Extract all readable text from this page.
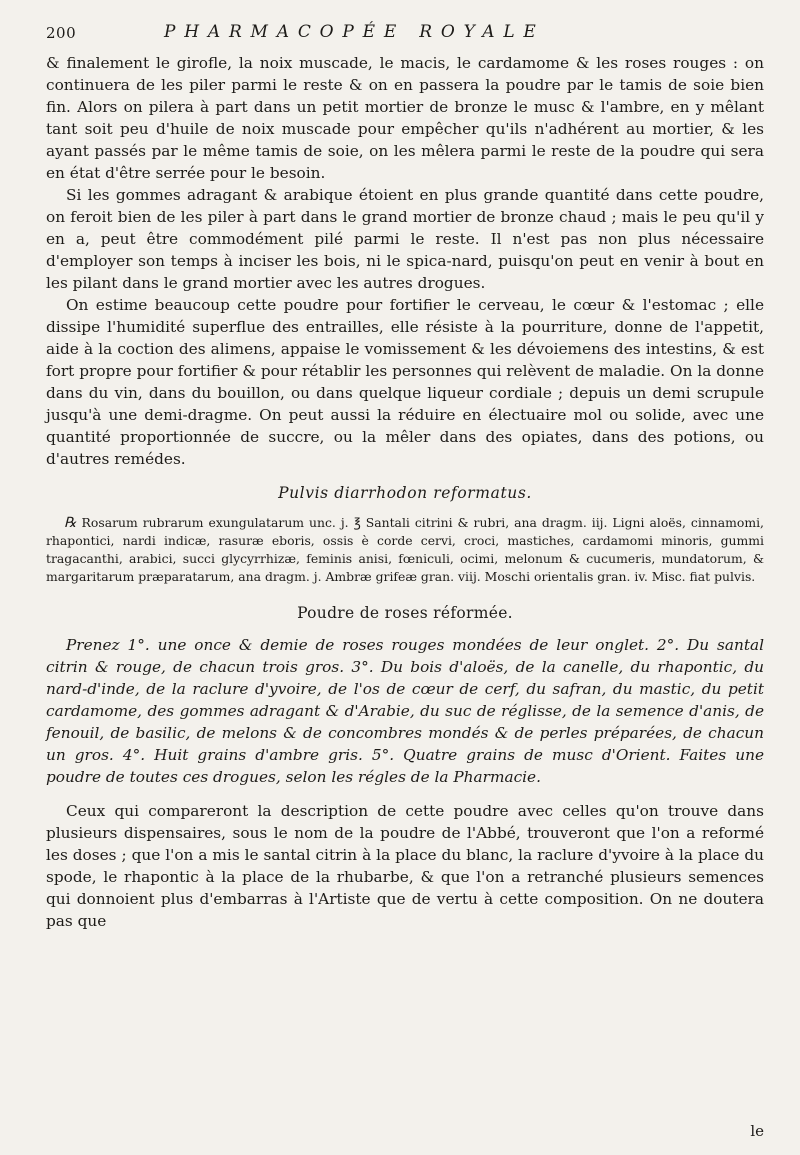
200	PHARMACOPÉE ROYALE

& finalement le girofle, la noix muscade, le macis, le cardamome & les roses rouges : on continuera de les piler parmi le reste & on en passera la poudre par le tamis de soie bien fin. Alors on pilera à part dans un petit mortier de bronze le musc & l'ambre, en y mêlant tant soit peu d'huile de noix muscade pour empêcher qu'ils n'adhérent au mortier, & les ayant passés par le même tamis de soie, on les mêlera parmi le reste de la poudre qui sera en état d'être serrée pour le besoin.

Si les gommes adragant & arabique étoient en plus grande quantité dans cette poudre, on feroit bien de les piler à part dans le grand mortier de bronze chaud ; mais le peu qu'il y en a, peut être commodément pilé parmi le reste. Il n'est pas non plus nécessaire d'employer son temps à inciser les bois, ni le spica-nard, puisqu'on peut en venir à bout en les pilant dans le grand mortier avec les autres drogues.

On estime beaucoup cette poudre pour fortifier le cerveau, le cœur & l'estomac ; elle dissipe l'humidité superflue des entrailles, elle résiste à la pourriture, donne de l'appetit, aide à la coction des alimens, appaise le vomissement & les dévoiemens des intestins, & est fort propre pour fortifier & pour rétablir les personnes qui relèvent de maladie. On la donne dans du vin, dans du bouillon, ou dans quelque liqueur cordiale ; depuis un demi scrupule jusqu'à une demi-dragme. On peut aussi la réduire en électuaire mol ou solide, avec une quantité proportionnée de succre, ou la mêler dans des opiates, dans des potions, ou d'autres remédes.

Pulvis diarrhodon reformatus.

℞ Rosarum rubrarum exungulatarum unc. j. ℥ Santali citrini & rubri, ana dragm. iij. Ligni aloës, cinnamomi, rhapontici, nardi indicæ, rasuræ eboris, ossis è corde cervi, croci, mastiches, cardamomi minoris, gummi tragacanthi, arabici, succi glycyrrhizæ, feminis anisi, fœniculi, ocimi, melonum & cucumeris, mundatorum, & margaritarum præparatarum, ana dragm. j. Ambræ grifeæ gran. viij. Moschi orientalis gran. iv. Misc. fiat pulvis.

Poudre de roses réformée.

Prenez 1°. une once & demie de roses rouges mondées de leur onglet. 2°. Du santal citrin & rouge, de chacun trois gros. 3°. Du bois d'aloës, de la canelle, du rhapontic, du nard-d'inde, de la raclure d'yvoire, de l'os de cœur de cerf, du safran, du mastic, du petit cardamome, des gommes adragant & d'Arabie, du suc de réglisse, de la semence d'anis, de fenouil, de basilic, de melons & de concombres mondés & de perles préparées, de chacun un gros. 4°. Huit grains d'ambre gris. 5°. Quatre grains de musc d'Orient. Faites une poudre de toutes ces drogues, selon les régles de la Pharmacie.

Ceux qui compareront la description de cette poudre avec celles qu'on trouve dans plusieurs dispensaires, sous le nom de la poudre de l'Abbé, trouveront que l'on a reformé les doses ; que l'on a mis le santal citrin à la place du blanc, la raclure d'yvoire à la place du spode, le rhapontic à la place de la rhubarbe, & que l'on a retranché plusieurs semences qui donnoient plus d'embarras à l'Artiste que de vertu à cette composition. On ne doutera pas que

le
